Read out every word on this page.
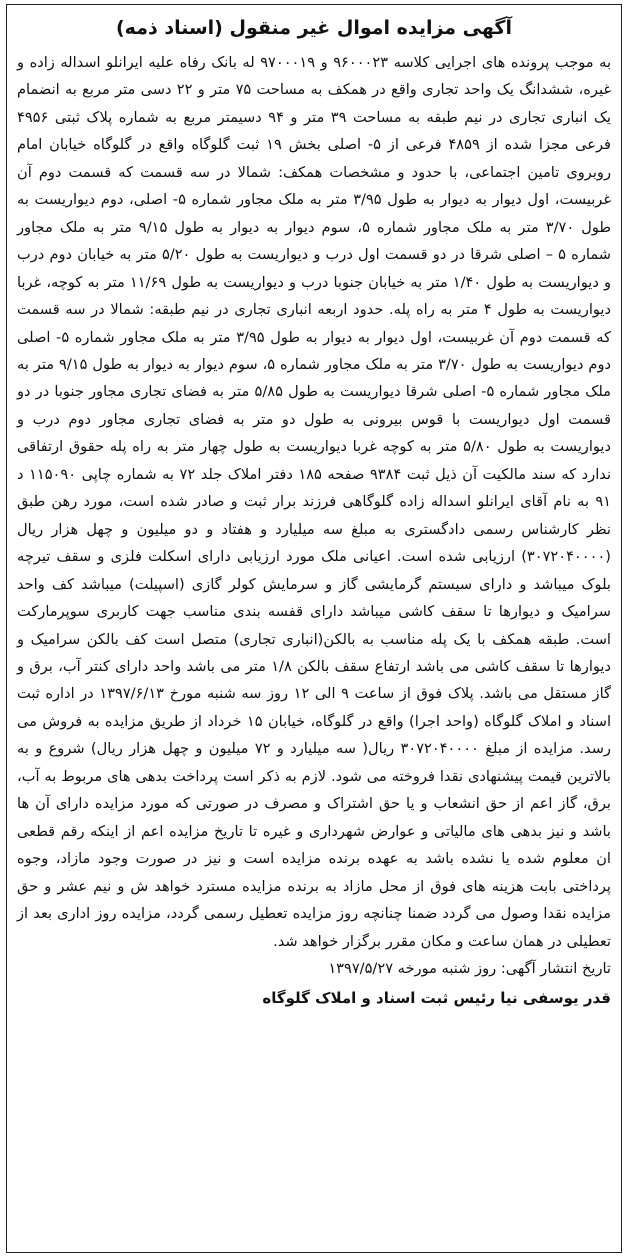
آگهی مزایده اموال غیر منقول (اسناد ذمه)

به موجب پرونده های اجرایی کلاسه ۹۶۰۰۰۲۳ و ۹۷۰۰۰۱۹ له بانک رفاه علیه ایرانلو اسداله زاده و غیره، ششدانگ یک واحد تجاری واقع در همکف به مساحت ۷۵ متر و ۲۲ دسی متر مربع به انضمام یک انباری تجاری در نیم طبقه به مساحت ۳۹ متر و ۹۴ دسیمتر مربع به شماره پلاک ثبتی ۴۹۵۶ فرعی مجزا شده از ۴۸۵۹ فرعی از ۵- اصلی بخش ۱۹ ثبت گلوگاه واقع در گلوگاه خیابان امام روبروی تامین اجتماعی، با حدود و مشخصات همکف: شمالا در سه قسمت که قسمت دوم آن غربیست، اول دیوار به دیوار به طول ۳/۹۵ متر به ملک مجاور شماره ۵- اصلی، دوم دیواریست به طول ۳/۷۰ متر به ملک مجاور شماره ۵، سوم دیوار به دیوار به طول ۹/۱۵ متر به ملک مجاور شماره ۵ – اصلی شرقا در دو قسمت اول درب و دیواریست به طول ۵/۲۰ متر به خیابان دوم درب و دیواریست به طول ۱/۴۰ متر به خیابان جنوبا درب و دیواریست به طول ۱۱/۶۹ متر به کوچه، غربا دیواریست به طول ۴ متر به راه پله. حدود اربعه انباری تجاری در نیم طبقه: شمالا در سه قسمت که قسمت دوم آن غربیست، اول دیوار به دیوار به طول ۳/۹۵ متر به ملک مجاور شماره ۵- اصلی دوم دیواریست به طول ۳/۷۰ متر به ملک مجاور شماره ۵، سوم دیوار به دیوار به طول ۹/۱۵ متر به ملک مجاور شماره ۵- اصلی شرقا دیواریست به طول ۵/۸۵ متر به فضای تجاری مجاور جنوبا در دو قسمت اول دیواریست با قوس بیرونی به طول دو متر به فضای تجاری مجاور دوم درب و دیواریست به طول ۵/۸۰ متر به کوچه غربا دیواریست به طول چهار متر به راه پله حقوق ارتفاقی ندارد که سند مالکیت آن ذیل ثبت ۹۳۸۴ صفحه ۱۸۵ دفتر املاک جلد ۷۲ به شماره چاپی ۱۱۵۰۹۰ د ۹۱ به نام آقای ایرانلو اسداله زاده گلوگاهی فرزند برار ثبت و صادر شده است، مورد رهن طبق نظر کارشناس رسمی دادگستری به مبلغ سه میلیارد و هفتاد و دو میلیون و چهل هزار ریال (۳۰۷۲۰۴۰۰۰۰) ارزیابی شده است. اعیانی ملک مورد ارزیابی دارای اسکلت فلزی و سقف تیرچه بلوک میباشد و دارای سیستم گرمایشی گاز و سرمایش کولر گازی (اسپیلت) میباشد کف واحد سرامیک و دیوارها تا سقف کاشی میباشد دارای قفسه بندی مناسب جهت کاربری سوپرمارکت است. طبقه همکف با یک پله مناسب به بالکن(انباری تجاری) متصل است کف بالکن سرامیک و دیوارها تا سقف کاشی می باشد ارتفاع سقف بالکن ۱/۸ متر می باشد واحد دارای کنتر آب، برق و گاز مستقل می باشد. پلاک فوق از ساعت ۹ الی ۱۲ روز سه شنبه مورخ ۱۳۹۷/۶/۱۳ در اداره ثبت اسناد و املاک گلوگاه (واحد اجرا) واقع در گلوگاه، خیابان ۱۵ خرداد از طریق مزایده به فروش می رسد. مزایده از مبلغ ۳۰۷۲۰۴۰۰۰۰ ریال( سه میلیارد و ۷۲ میلیون و چهل هزار ریال) شروع و به بالاترین قیمت پیشنهادی نقدا فروخته می شود. لازم به ذکر است پرداخت بدهی های مربوط به آب، برق، گاز اعم از حق انشعاب و یا حق اشتراک و مصرف در صورتی که مورد مزایده دارای آن ها باشد و نیز بدهی های مالیاتی و عوارض شهرداری و غیره تا تاریخ مزایده اعم از اینکه رقم قطعی ان معلوم شده یا نشده باشد به عهده برنده مزایده است و نیز در صورت وجود مازاد، وجوه پرداختی بابت هزینه های فوق از محل مازاد به برنده مزایده مسترد خواهد ش و نیم عشر و حق مزایده نقدا وصول می گردد ضمنا چنانچه روز مزایده تعطیل رسمی گردد، مزایده روز اداری بعد از تعطیلی در همان ساعت و مکان مقرر برگزار خواهد شد.

تاریخ انتشار آگهی: روز شنبه مورخه ۱۳۹۷/۵/۲۷

قدر یوسفی نیا رئیس ثبت اسناد و املاک گلوگاه
